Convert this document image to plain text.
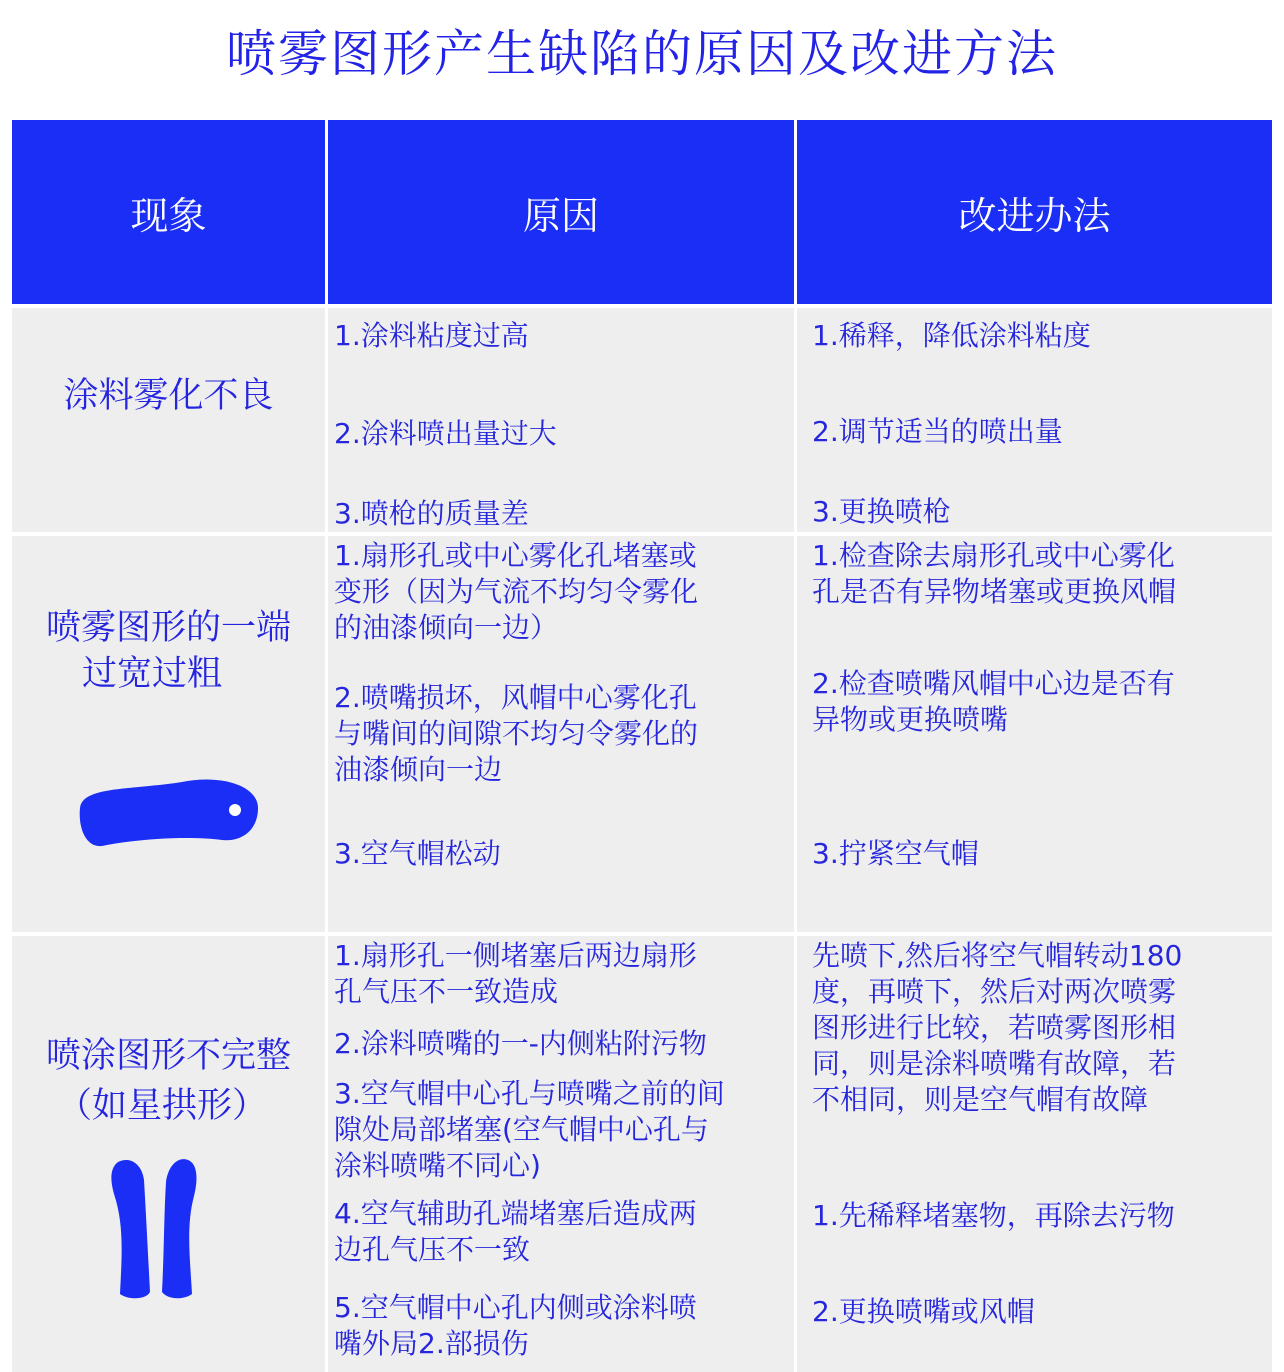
喷雾图形产生缺陷的原因及改进方法
现象	原因	改进办法
涂料雾化不良
1.涂料粘度过高
2.涂料喷出量过大
3.喷枪的质量差
1.稀释，降低涂料粘度
2.调节适当的喷出量
3.更换喷枪
喷雾图形的一端
过宽过粗
1.扇形孔或中心雾化孔堵塞或
变形（因为气流不均匀令雾化
的油漆倾向一边）
2.喷嘴损坏，风帽中心雾化孔
与嘴间的间隙不均匀令雾化的
油漆倾向一边
3.空气帽松动
1.检查除去扇形孔或中心雾化
孔是否有异物堵塞或更换风帽
2.检查喷嘴风帽中心边是否有
异物或更换喷嘴
3.拧紧空气帽
喷涂图形不完整
（如星拱形）
1.扇形孔一侧堵塞后两边扇形
孔气压不一致造成
2.涂料喷嘴的一-内侧粘附污物
3.空气帽中心孔与喷嘴之前的间
隙处局部堵塞(空气帽中心孔与
涂料喷嘴不同心)
4.空气辅助孔端堵塞后造成两
边孔气压不一致
5.空气帽中心孔内侧或涂料喷
嘴外局2.部损伤
先喷下,然后将空气帽转动180
度，再喷下，然后对两次喷雾
图形进行比较，若喷雾图形相
同，则是涂料喷嘴有故障，若
不相同，则是空气帽有故障
1.先稀释堵塞物，再除去污物
2.更换喷嘴或风帽
